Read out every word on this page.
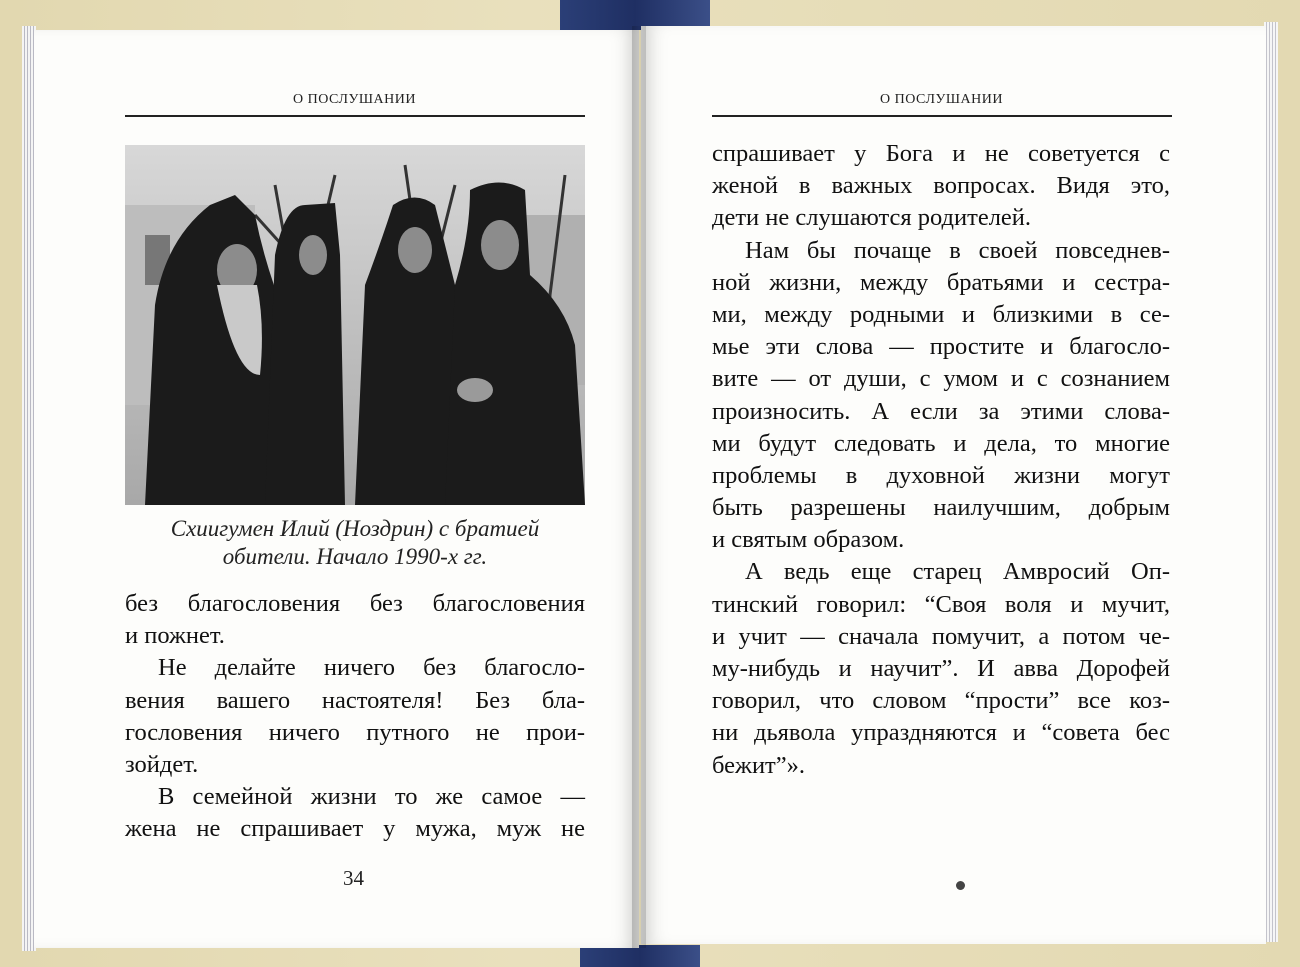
О ПОСЛУШАНИИ
Схиигумен Илий (Ноздрин) с братией
обители. Начало 1990-х гг.
без благословения без благословения
и пожнет.
Не делайте ничего без благосло-
вения вашего настоятеля! Без бла-
гословения ничего путного не прои-
зойдет.
В семейной жизни то же самое —
жена не спрашивает у мужа, муж не
34
О ПОСЛУШАНИИ
спрашивает у Бога и не советуется с
женой в важных вопросах. Видя это,
дети не слушаются родителей.
Нам бы почаще в своей повседнев-
ной жизни, между братьями и сестра-
ми, между родными и близкими в се-
мье эти слова — простите и благосло-
вите — от души, с умом и с сознанием
произносить. А если за этими слова-
ми будут следовать и дела, то многие
проблемы в духовной жизни могут
быть разрешены наилучшим, добрым
и святым образом.
А ведь еще старец Амвросий Оп-
тинский говорил: “Своя воля и мучит,
и учит — сначала помучит, а потом че-
му-нибудь и научит”. И авва Дорофей
говорил, что словом “прости” все коз-
ни дьявола упраздняются и “совета бес
бежит”».
